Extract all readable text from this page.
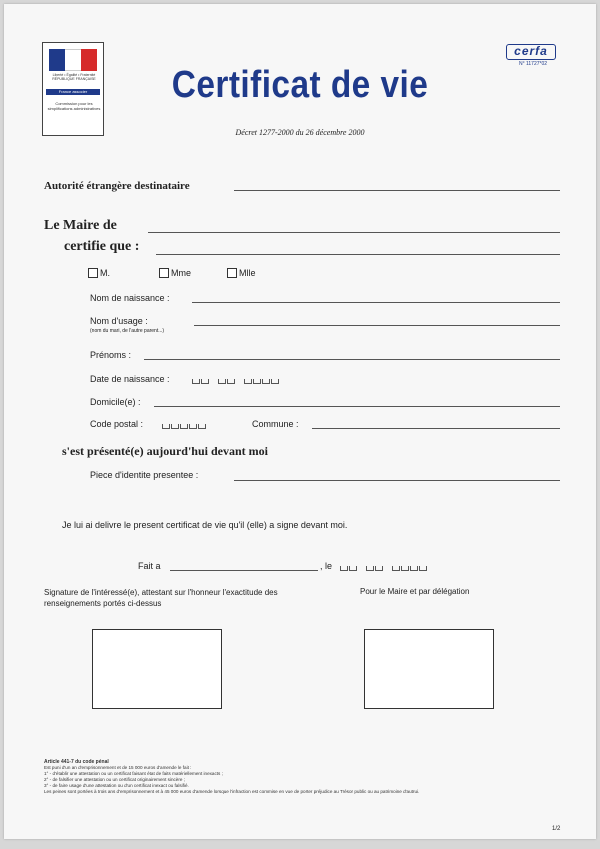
Liberté • Égalité • Fraternité RÉPUBLIQUE FRANÇAISE
France associer
Commission pour les simplifications administratives
cerfa
N° 11727*02
Certificat de vie
Décret 1277-2000 du 26 décembre 2000
Autorité étrangère destinataire
Le Maire de
certifie que :
M.	Mme	Mlle
Nom de naissance :
Nom d'usage :
(nom du mari, de l'autre parent...)
Prénoms :
Date de naissance :
Domicile(e) :
Code postal :	Commune :
s'est présenté(e) aujourd'hui devant moi
Piece d'identite presentee :
Je lui ai delivre le present certificat de vie qu'il (elle) a signe devant moi.
Fait a	, le
Signature de l'intéressé(e), attestant sur l'honneur l'exactitude des renseignements portés ci-dessus
Pour le Maire et par délégation
Article 441-7 du code pénal
Est puni d'un an d'emprisonnement et de 15 000 euros d'amende le fait :
1° - d'établir une attestation ou un certificat faisant état de faits matériellement inexacts ;
2° - de falsifier une attestation ou un certificat originairement sincère ;
3° - de faire usage d'une attestation ou d'un certificat inexact ou falsifié.
Les peines sont portées à trois ans d'emprisonnement et à 45 000 euros d'amende lorsque l'infraction est commise en vue de porter préjudice au Trésor public ou au patrimoine d'autrui.
1/2
